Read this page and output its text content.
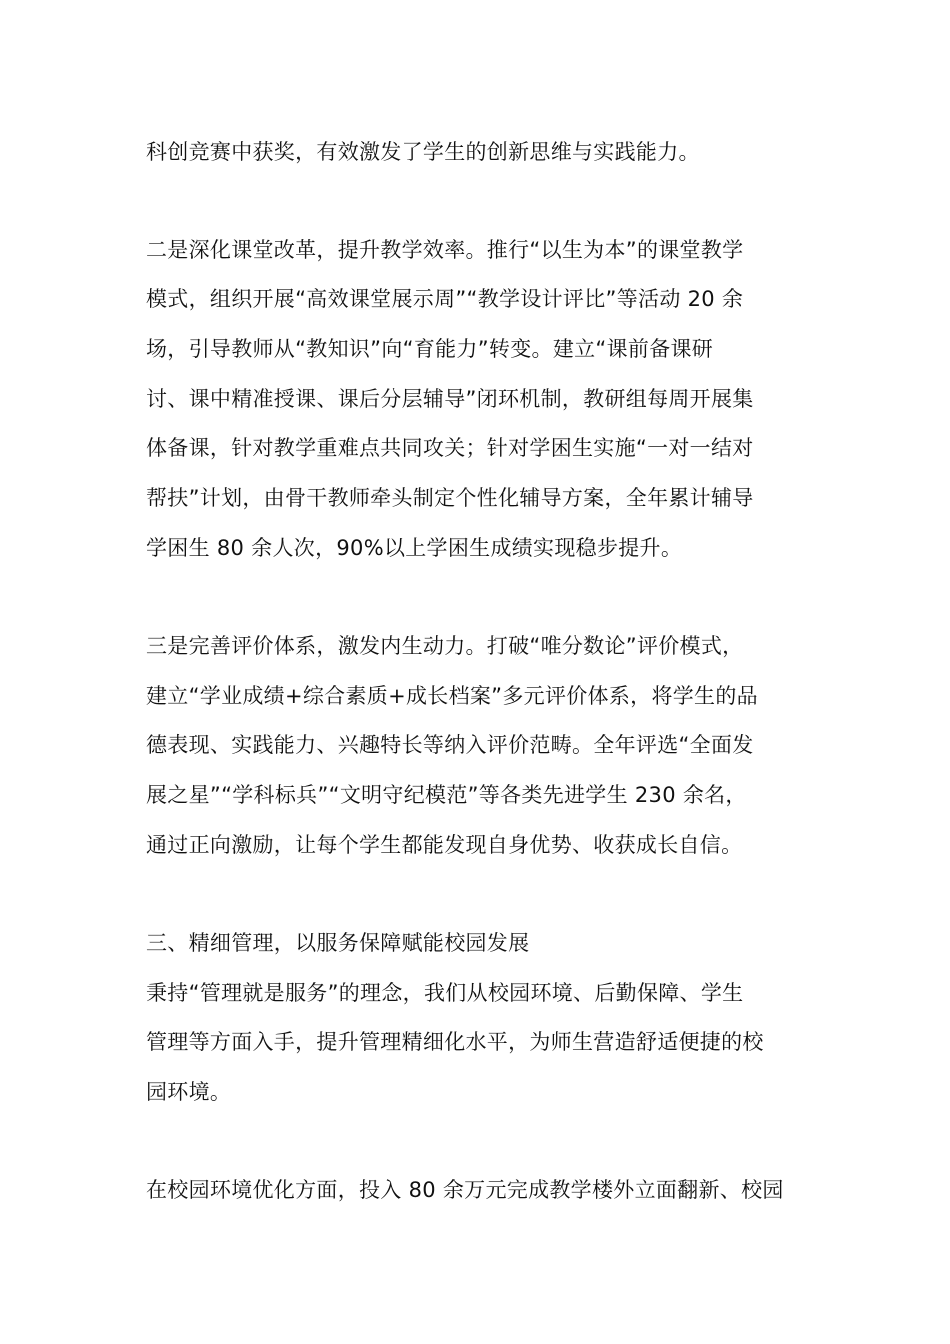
科创竞赛中获奖，有效激发了学生的创新思维与实践能力。
二是深化课堂改革，提升教学效率。推行“以生为本”的课堂教学
模式，组织开展“高效课堂展示周”“教学设计评比”等活动 20 余
场，引导教师从“教知识”向“育能力”转变。建立“课前备课研
讨、课中精准授课、课后分层辅导”闭环机制，教研组每周开展集
体备课，针对教学重难点共同攻关；针对学困生实施“一对一结对
帮扶”计划，由骨干教师牵头制定个性化辅导方案，全年累计辅导
学困生 80 余人次，90%以上学困生成绩实现稳步提升。
三是完善评价体系，激发内生动力。打破“唯分数论”评价模式，
建立“学业成绩+综合素质+成长档案”多元评价体系，将学生的品
德表现、实践能力、兴趣特长等纳入评价范畴。全年评选“全面发
展之星”“学科标兵”“文明守纪模范”等各类先进学生 230 余名，
通过正向激励，让每个学生都能发现自身优势、收获成长自信。
三、精细管理，以服务保障赋能校园发展
秉持“管理就是服务”的理念，我们从校园环境、后勤保障、学生
管理等方面入手，提升管理精细化水平，为师生营造舒适便捷的校
园环境。
在校园环境优化方面，投入 80 余万元完成教学楼外立面翻新、校园
